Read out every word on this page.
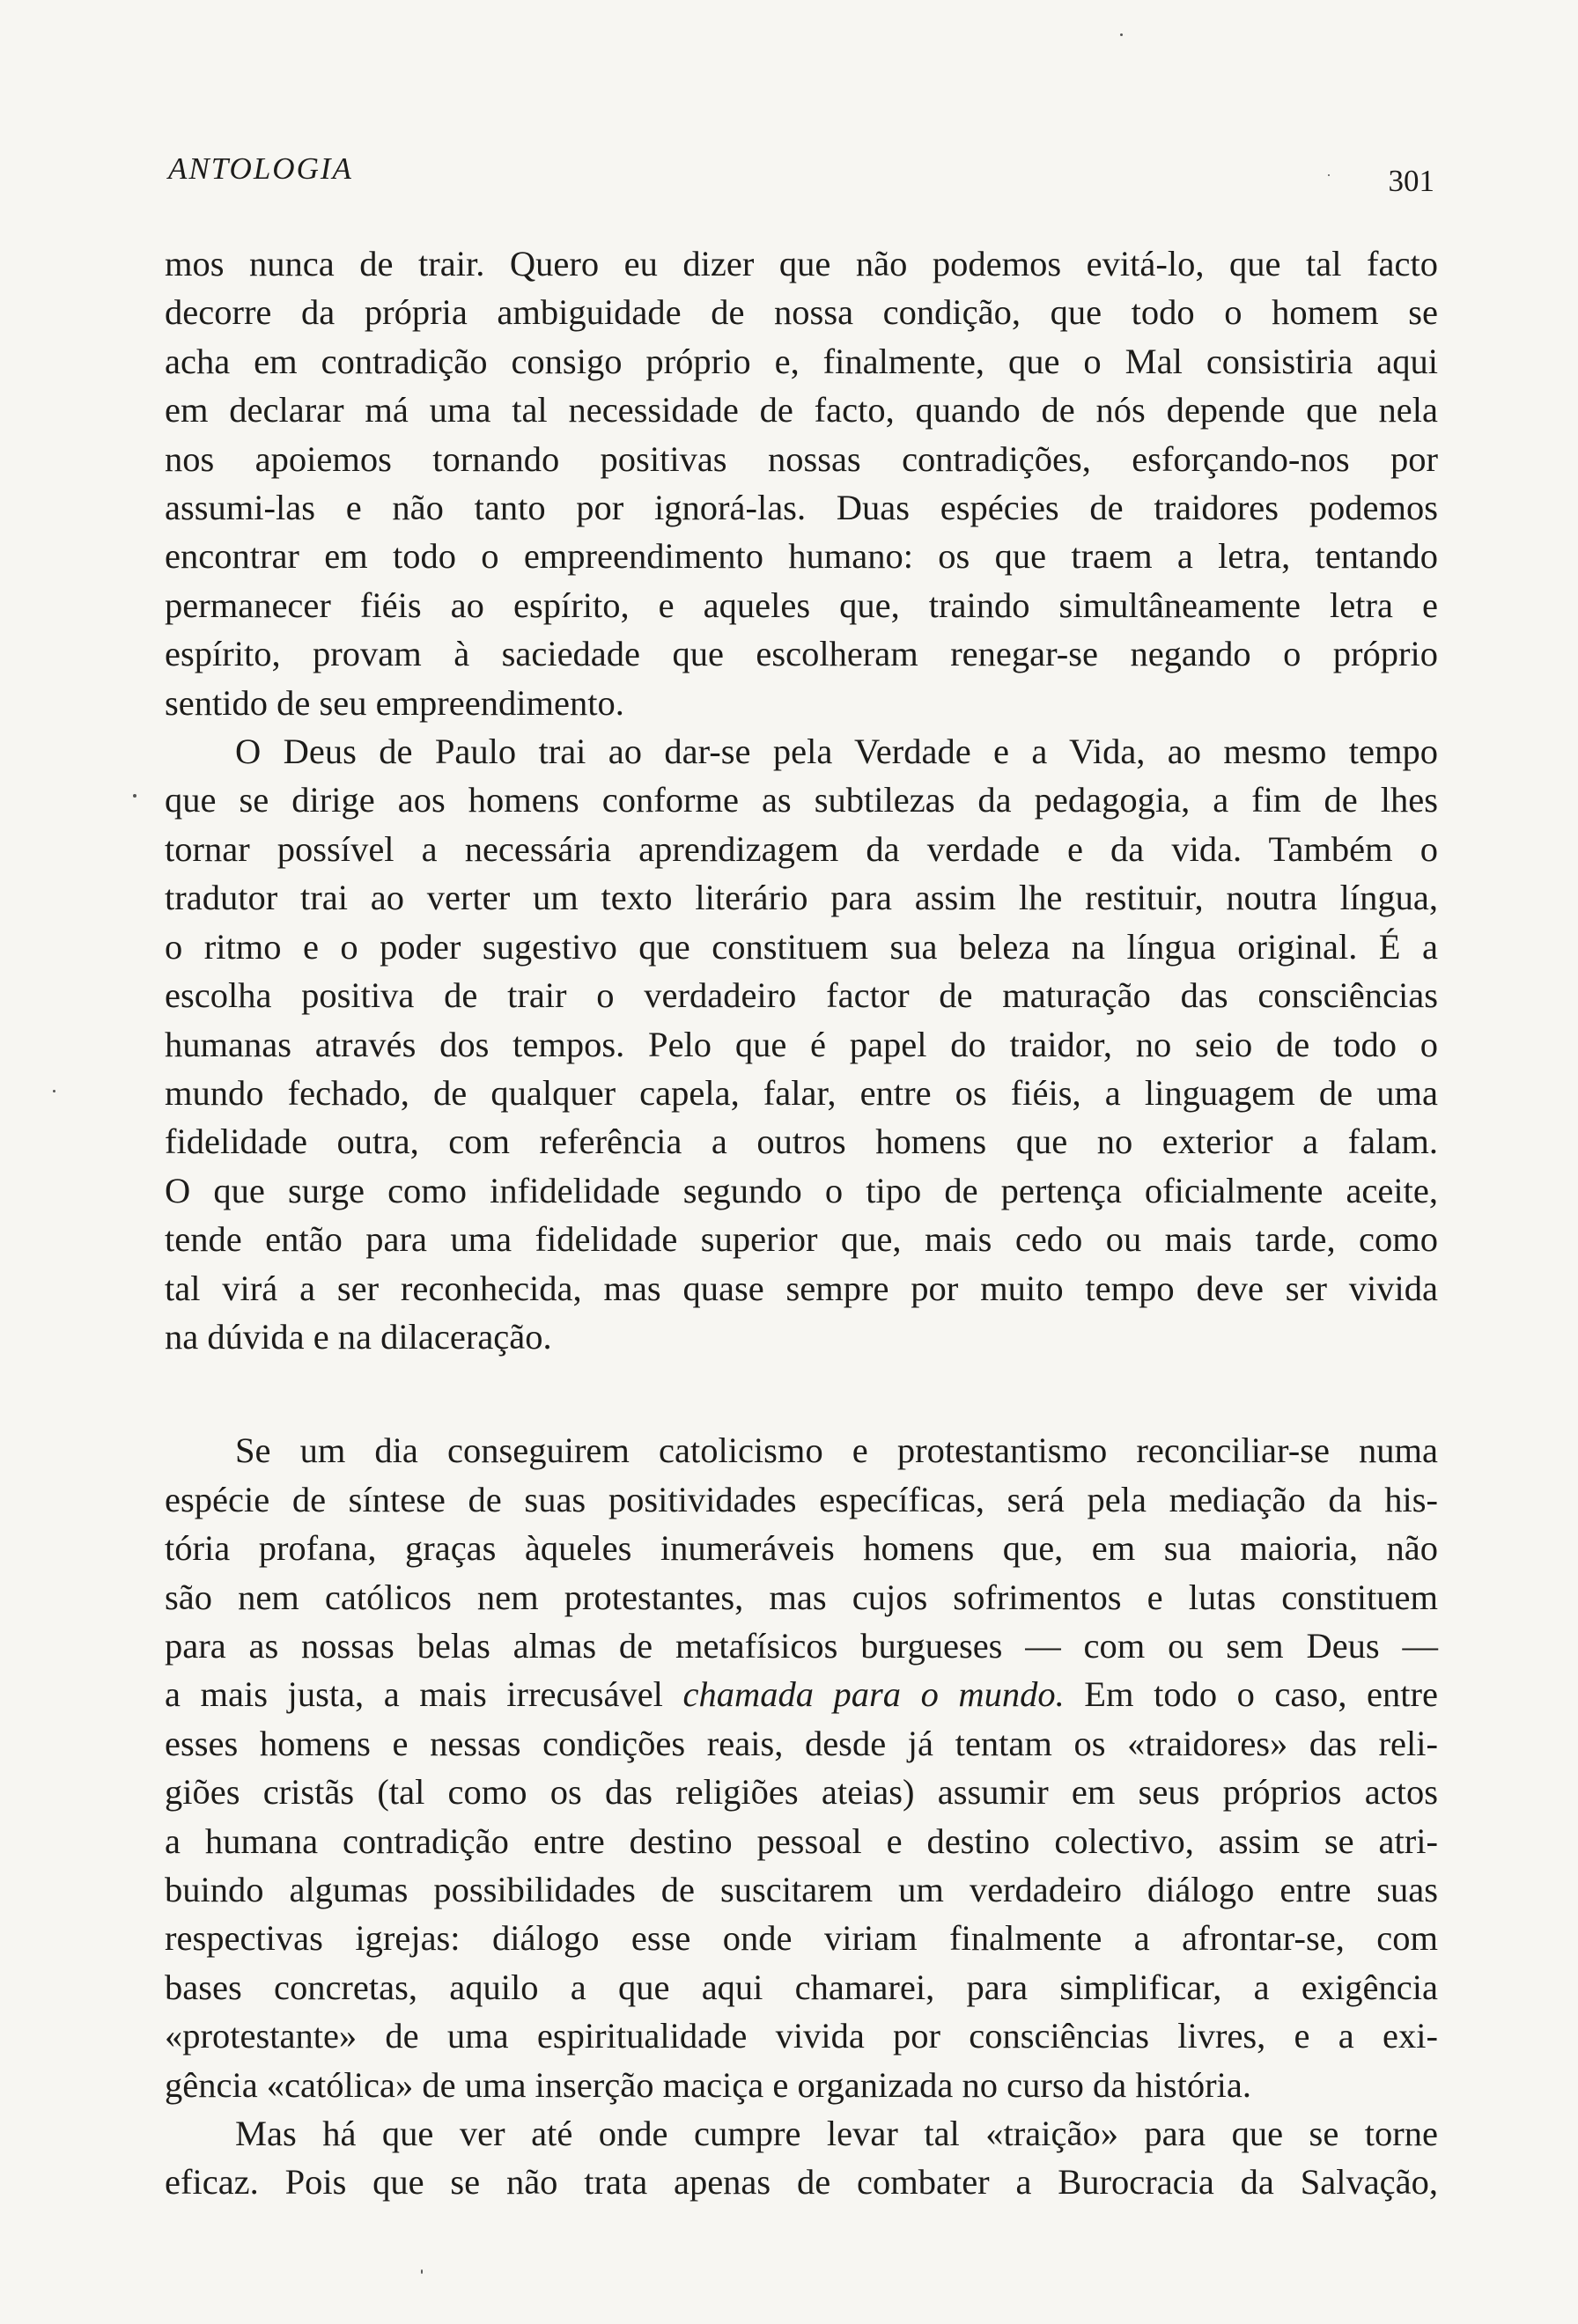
ANTOLOGIA	301
mos nunca de trair. Quero eu dizer que não podemos evitá-lo, que tal facto
decorre da própria ambiguidade de nossa condição, que todo o homem se
acha em contradição consigo próprio e, finalmente, que o Mal consistiria aqui
em declarar má uma tal necessidade de facto, quando de nós depende que nela
nos apoiemos tornando positivas nossas contradições, esforçando-nos por
assumi-las e não tanto por ignorá-las. Duas espécies de traidores podemos
encontrar em todo o empreendimento humano: os que traem a letra, tentando
permanecer fiéis ao espírito, e aqueles que, traindo simultâneamente letra e
espírito, provam à saciedade que escolheram renegar-se negando o próprio
sentido de seu empreendimento.
O Deus de Paulo trai ao dar-se pela Verdade e a Vida, ao mesmo tempo
que se dirige aos homens conforme as subtilezas da pedagogia, a fim de lhes
tornar possível a necessária aprendizagem da verdade e da vida. Também o
tradutor trai ao verter um texto literário para assim lhe restituir, noutra língua,
o ritmo e o poder sugestivo que constituem sua beleza na língua original. É a
escolha positiva de trair o verdadeiro factor de maturação das consciências
humanas através dos tempos. Pelo que é papel do traidor, no seio de todo o
mundo fechado, de qualquer capela, falar, entre os fiéis, a linguagem de uma
fidelidade outra, com referência a outros homens que no exterior a falam.
O que surge como infidelidade segundo o tipo de pertença oficialmente aceite,
tende então para uma fidelidade superior que, mais cedo ou mais tarde, como
tal virá a ser reconhecida, mas quase sempre por muito tempo deve ser vivida
na dúvida e na dilaceração.
Se um dia conseguirem catolicismo e protestantismo reconciliar-se numa
espécie de síntese de suas positividades específicas, será pela mediação da his-
tória profana, graças àqueles inumeráveis homens que, em sua maioria, não
são nem católicos nem protestantes, mas cujos sofrimentos e lutas constituem
para as nossas belas almas de metafísicos burgueses — com ou sem Deus —
a mais justa, a mais irrecusável chamada para o mundo. Em todo o caso, entre
esses homens e nessas condições reais, desde já tentam os «traidores» das reli-
giões cristãs (tal como os das religiões ateias) assumir em seus próprios actos
a humana contradição entre destino pessoal e destino colectivo, assim se atri-
buindo algumas possibilidades de suscitarem um verdadeiro diálogo entre suas
respectivas igrejas: diálogo esse onde viriam finalmente a afrontar-se, com
bases concretas, aquilo a que aqui chamarei, para simplificar, a exigência
«protestante» de uma espiritualidade vivida por consciências livres, e a exi-
gência «católica» de uma inserção maciça e organizada no curso da história.
Mas há que ver até onde cumpre levar tal «traição» para que se torne
eficaz. Pois que se não trata apenas de combater a Burocracia da Salvação,
